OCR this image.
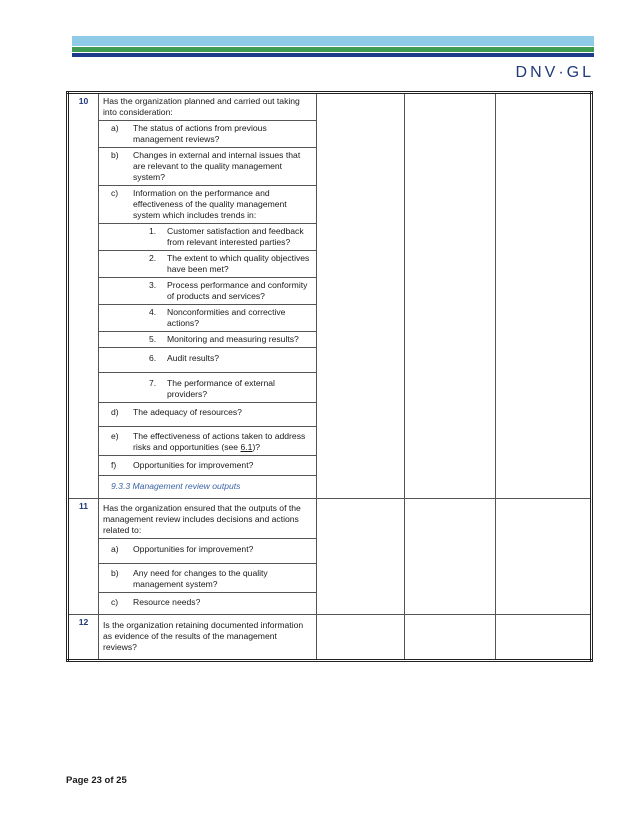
DNV·GL
10	Has the organization planned and carried out taking into consideration:			

	a) The status of actions from previous management reviews?			

	b) Changes in external and internal issues that are relevant to the quality management system?			

	c) Information on the performance and effectiveness of the quality management system which includes trends in:			

	1. Customer satisfaction and feedback from relevant interested parties?			

	2. The extent to which quality objectives have been met?			

	3. Process performance and conformity of products and services?			

	4. Nonconformities and corrective actions?			

	5. Monitoring and measuring results?			

	6. Audit results?			

	7. The performance of external providers?			

	d) The adequacy of resources?			

	e) The effectiveness of actions taken to address risks and opportunities (see 6.1)?			

	f) Opportunities for improvement?			

	9.3.3 Management review outputs			

11	Has the organization ensured that the outputs of the management review includes decisions and actions related to:			

	a) Opportunities for improvement?			

	b) Any need for changes to the quality management system?			

	c) Resource needs?			

12	Is the organization retaining documented information as evidence of the results of the management reviews?			
Page 23 of 25
